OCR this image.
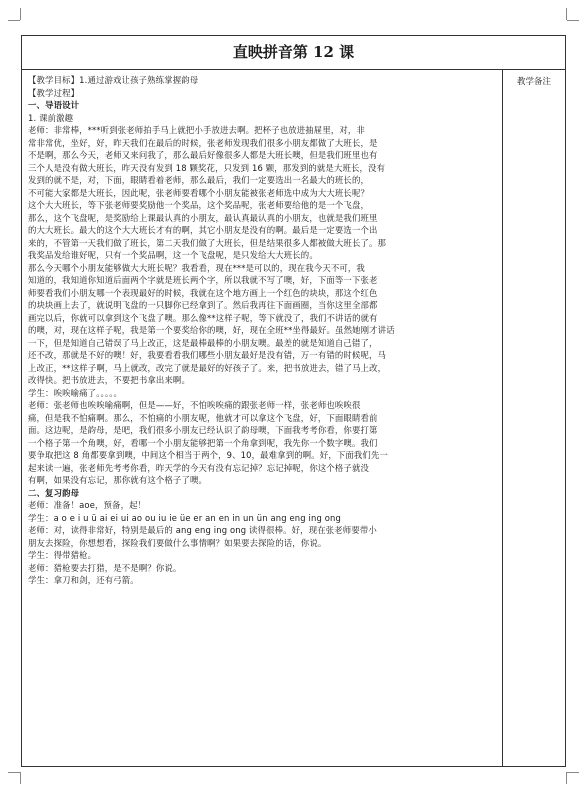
直映拼音第 12 课
教学备注
【教学目标】1.通过游戏让孩子熟练掌握韵母
【教学过程】
一、导语设计
1. 课前激趣
老师：非常棒，***听到张老师拍手马上就把小手放进去啊。把杯子也放进抽屉里，对，非
常非常优，坐好，好，昨天我们在最后的时候，张老师发现我们很多小朋友都做了大班长，是
不是啊，那么今天，老师又来问我了，那么最后好像很多人都是大班长噢，但是我们班里也有
三个人是没有做大班长，昨天没有发到 18 颗奖花，只发到 16 颗，那发到的就是大班长，没有
发到的就不是，对，下面，眼睛看着老师，那么最后，我们一定要选出一名最大的班长的，
不可能大家都是大班长，因此呢，张老师要看哪个小朋友能被张老师选中成为大大班长呢？
这个大大班长，等下张老师要奖励他一个奖品，这个奖品呢，张老师要给他的是一个飞盘，
那么，这个飞盘呢，是奖励给上课最认真的小朋友，最认真最认真的小朋友，也就是我们班里
的大大班长。最大的这个大大班长才有的啊，其它小朋友是没有的啊。最后是一定要选一个出
来的，不管第一天我们做了班长，第二天我们做了大班长，但是结果很多人都被做大班长了。那
我奖品发给谁好呢，只有一个奖品啊，这一个飞盘呢，是只发给大大班长的。
那么今天哪个小朋友能够做大大班长呢？我看看，现在***是可以的，现在我今天不可，我
知道的，我知道你知道后面两个字就是班长两个字，所以我就不写了噢，好，下面等一下张老
师要看我们小朋友哪一个表现最好的时候，我就在这个地方画上一个红色的块块，那这个红色
的块块画上去了，就说明飞盘的一只脚你已经拿到了。然后我再往下面画圈，当你这里全部都
画完以后，你就可以拿到这个飞盘了噢。那么像**这样子呢，等下就没了，我们不讲话的就有
的噢，对，现在这样子呢，我是第一个要奖给你的噢，好，现在全班**坐得最好。虽然她刚才讲话
一下，但是知道自己错误了马上改正，这是最棒最棒的小朋友噢。最差的就是知道自己错了，
还不改，那就是不好的噢！好，我要看看我们哪些小朋友最好是没有错，万一有错的时候呢，马
上改正，**这样子啊，马上就改，改完了就是最好的好孩子了。来，把书放进去，错了马上改，
改得快。把书放进去，不要把书拿出来啊。
学生：唉唉喻痛了。。。。。
老师：张老师也唉唉喻痛啊，但是——好，不怕唉唉痛的跟张老师一样，张老师也唉唉很
痛，但是我不怕痛啊。那么，不怕痛的小朋友呢，他就才可以拿这个飞盘，好，下面眼睛看前
面。这边呢，是韵母，是吧，我们很多小朋友已经认识了韵母噢，下面我考考你看，你要打第
一个格子第一个角噢，好，看哪一个小朋友能够把第一个角拿到呢，我先你一个数字噢。我们
要争取把这 8 角都要拿到噢，中间这个相当于两个，9、10，最难拿到的啊。好，下面我们先一
起来读一遍，张老师先考考你看，昨天学的今天有没有忘记掉？忘记掉呢，你这个格子就没
有啊，如果没有忘记，那你就有这个格子了噢。
二、复习韵母
老师：准备！aoe，预备，起！
学生：a o e i u ü ai ei ui ao ou iu ie üe er an en in un ün ang eng ing ong
老师：对，读得非常好，特别是最后的 ang eng ing ong 读得很棒。好，现在张老师要带小
朋友去探险，你想想看，探险我们要做什么事情啊？如果要去探险的话，你说。
学生：得带猎枪。
老师：猎枪要去打猎，是不是啊？你说。
学生：拿刀和剑，还有弓箭。
